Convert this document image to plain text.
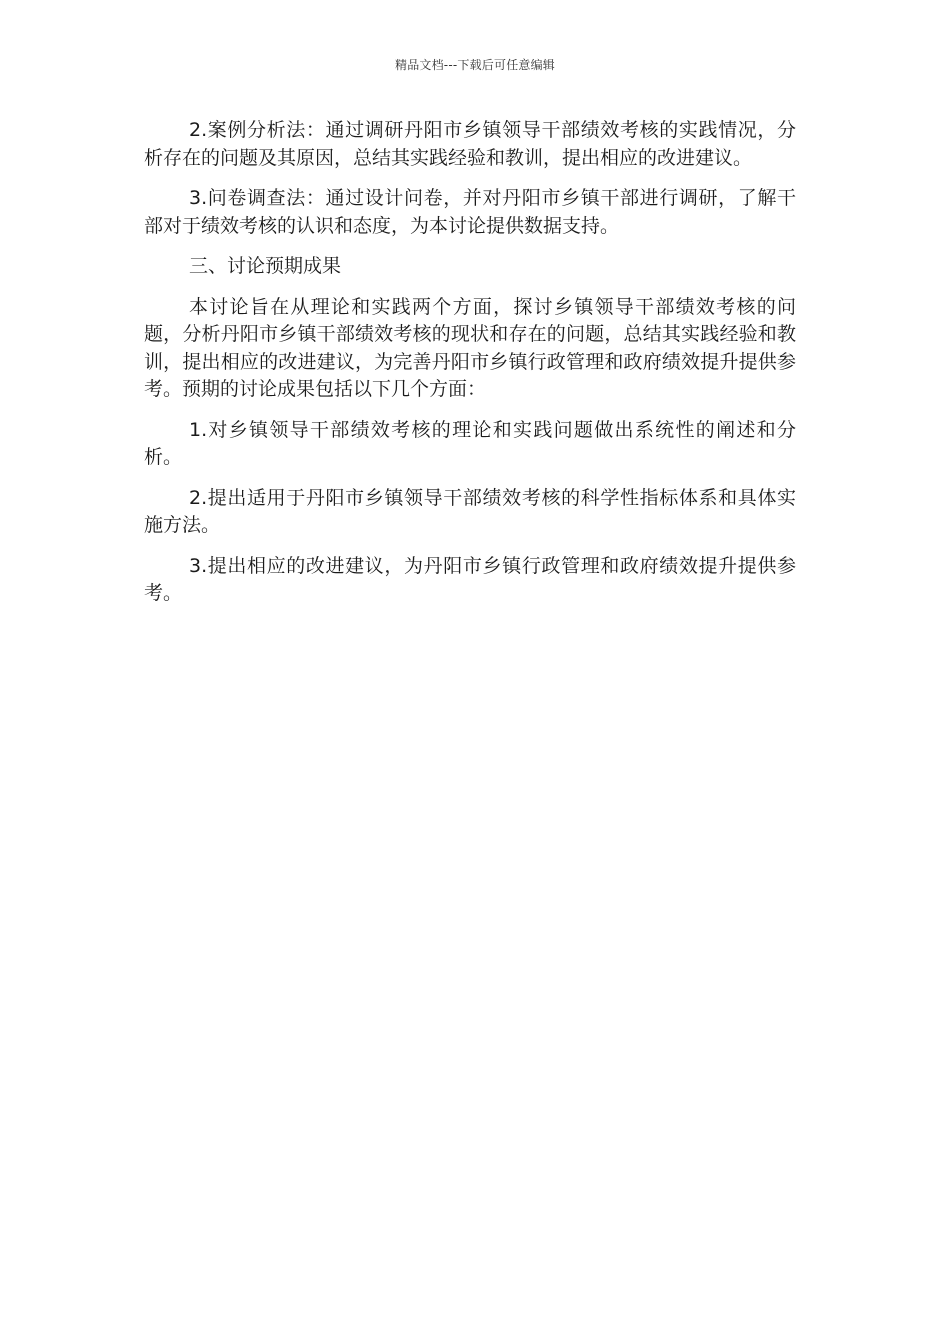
精品文档---下载后可任意编辑

2.案例分析法：通过调研丹阳市乡镇领导干部绩效考核的实践情况，分析存在的问题及其原因，总结其实践经验和教训，提出相应的改进建议。

3.问卷调查法：通过设计问卷，并对丹阳市乡镇干部进行调研，了解干部对于绩效考核的认识和态度，为本讨论提供数据支持。

三、讨论预期成果

本讨论旨在从理论和实践两个方面，探讨乡镇领导干部绩效考核的问题，分析丹阳市乡镇干部绩效考核的现状和存在的问题，总结其实践经验和教训，提出相应的改进建议，为完善丹阳市乡镇行政管理和政府绩效提升提供参考。预期的讨论成果包括以下几个方面：

1.对乡镇领导干部绩效考核的理论和实践问题做出系统性的阐述和分析。

2.提出适用于丹阳市乡镇领导干部绩效考核的科学性指标体系和具体实施方法。

3.提出相应的改进建议，为丹阳市乡镇行政管理和政府绩效提升提供参考。
